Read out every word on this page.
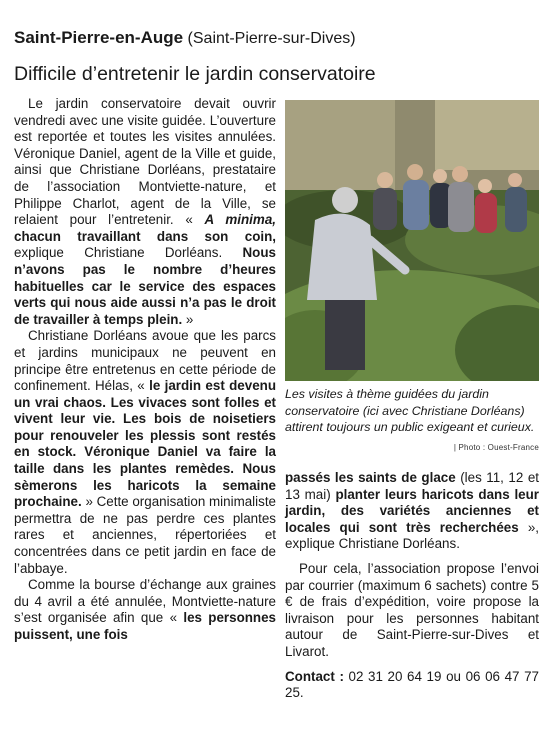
Saint-Pierre-en-Auge (Saint-Pierre-sur-Dives)
Difficile d’entretenir le jardin conservatoire

Le jardin conservatoire devait ouvrir vendredi avec une visite guidée. L’ouverture est reportée et toutes les visites annulées. Véronique Daniel, agent de la Ville et guide, ainsi que Christiane Dorléans, prestataire de l’association Montviette-nature, et Philippe Charlot, agent de la Ville, se relaient pour l’entretenir. « A minima, chacun travaillant dans son coin, explique Christiane Dorléans. Nous n’avons pas le nombre d’heures habituelles car le service des espaces verts qui nous aide aussi n’a pas le droit de travailler à temps plein. »

Christiane Dorléans avoue que les parcs et jardins municipaux ne peuvent en principe être entretenus en cette période de confinement. Hélas, « le jardin est devenu un vrai chaos. Les vivaces sont folles et vivent leur vie. Les bois de noisetiers pour renouveler les plessis sont restés en stock. Véronique Daniel va faire la taille dans les plantes remèdes. Nous sèmerons les haricots la semaine prochaine. » Cette organisation minimaliste permettra de ne pas perdre ces plantes rares et anciennes, répertoriées et concentrées dans ce petit jardin en face de l’abbaye.

Comme la bourse d’échange aux graines du 4 avril a été annulée, Montviette-nature s’est organisée afin que « les personnes puissent, une fois

Les visites à thème guidées du jardin conservatoire (ici avec Christiane Dorléans) attirent toujours un public exigeant et curieux.
| Photo : Ouest-France

passés les saints de glace (les 11, 12 et 13 mai) planter leurs haricots dans leur jardin, des variétés anciennes et locales qui sont très recherchées », explique Christiane Dorléans.

Pour cela, l’association propose l’envoi par courrier (maximum 6 sachets) contre 5 € de frais d’expédition, voire propose la livraison pour les personnes habitant autour de Saint-Pierre-sur-Dives et Livarot.

Contact : 02 31 20 64 19 ou 06 06 47 77 25.
